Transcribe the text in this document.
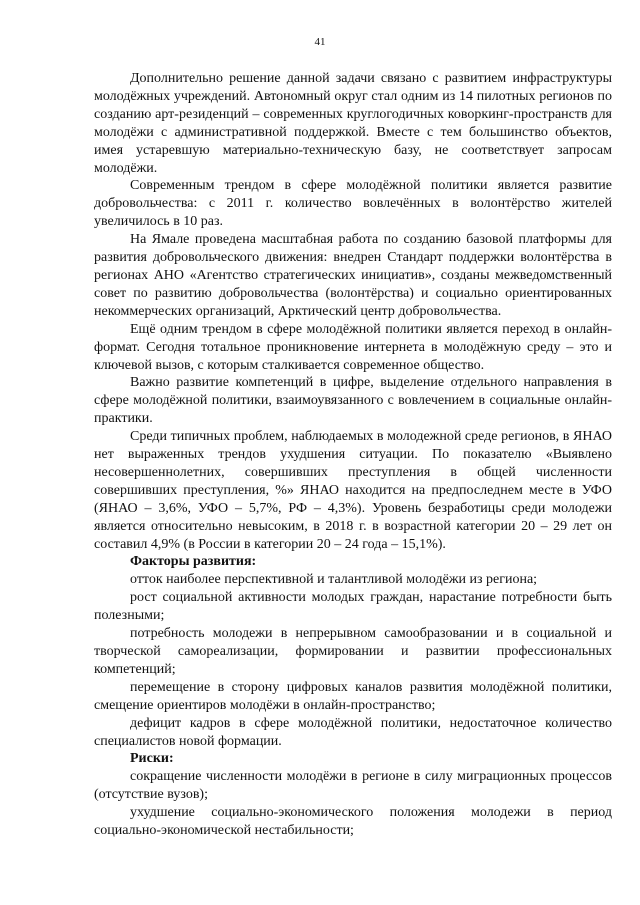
41

Дополнительно решение данной задачи связано с развитием инфраструктуры молодёжных учреждений. Автономный округ стал одним из 14 пилотных регионов по созданию арт-резиденций – современных круглогодичных коворкинг-пространств для молодёжи с административной поддержкой. Вместе с тем большинство объектов, имея устаревшую материально-техническую базу, не соответствует запросам молодёжи.

Современным трендом в сфере молодёжной политики является развитие добровольчества: с 2011 г. количество вовлечённых в волонтёрство жителей увеличилось в 10 раз.

На Ямале проведена масштабная работа по созданию базовой платформы для развития добровольческого движения: внедрен Стандарт поддержки волонтёрства в регионах АНО «Агентство стратегических инициатив», созданы межведомственный совет по развитию добровольчества (волонтёрства) и социально ориентированных некоммерческих организаций, Арктический центр добровольчества.

Ещё одним трендом в сфере молодёжной политики является переход в онлайн-формат. Сегодня тотальное проникновение интернета в молодёжную среду – это и ключевой вызов, с которым сталкивается современное общество.

Важно развитие компетенций в цифре, выделение отдельного направления в сфере молодёжной политики, взаимоувязанного с вовлечением в социальные онлайн-практики.

Среди типичных проблем, наблюдаемых в молодежной среде регионов, в ЯНАО нет выраженных трендов ухудшения ситуации. По показателю «Выявлено несовершеннолетних, совершивших преступления в общей численности совершивших преступления, %» ЯНАО находится на предпоследнем месте в УФО (ЯНАО – 3,6%, УФО – 5,7%, РФ – 4,3%). Уровень безработицы среди молодежи является относительно невысоким, в 2018 г. в возрастной категории 20 – 29 лет он составил 4,9% (в России в категории 20 – 24 года – 15,1%).

Факторы развития:

отток наиболее перспективной и талантливой молодёжи из региона;

рост социальной активности молодых граждан, нарастание потребности быть полезными;

потребность молодежи в непрерывном самообразовании и в социальной и творческой самореализации, формировании и развитии профессиональных компетенций;

перемещение в сторону цифровых каналов развития молодёжной политики, смещение ориентиров молодёжи в онлайн-пространство;

дефицит кадров в сфере молодёжной политики, недостаточное количество специалистов новой формации.

Риски:

сокращение численности молодёжи в регионе в силу миграционных процессов (отсутствие вузов);

ухудшение социально-экономического положения молодежи в период социально-экономической нестабильности;
